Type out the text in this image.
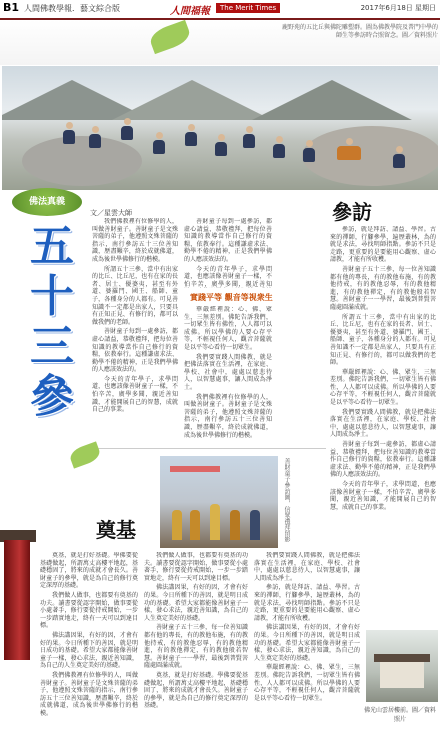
B1 人間佛教學報．藝文綜合版	人間福報	The Merit Times	2017年6月18日 星期日
鹿野苑的五比丘與佛陀雕塑群。圖為佛教學院及普門中學的師生等參訪時合照留念。圖／資料照片
佛法真義
五十三參
文／星雲大師

我們佛教裡有位修學的人，叫做善財童子。善財童子是文殊菩薩的弟子，他遵照文殊菩薩的指示，南行參訪五十三位善知識，歷盡艱辛，終於成就佛道，成為後世學佛修行的楷模。

所謂五十三參，當中有出家的比丘、比丘尼，也有在家的長者、居士、優婆夷，甚至有外道、婆羅門、國王、船師、童子，各種身分的人都有。可見善知識不一定都是出家人，只要具有正知正見、有修行的，都可以做我們的老師。

善財童子每到一處參訪，都虛心請益，恭敬禮拜，把每位善知識的教導當作自己修行的資糧，依教奉行。這種謙虛求法、勤學不倦的精神，正是我們學佛的人應該效法的。

今天的青年學子，求學問道，也應該像善財童子一樣，不怕辛苦，廣學多聞，親近善知識，才能開展自己的智慧，成就自己的事業。

善財童子每到一處參訪，都虛心請益，恭敬禮拜，把每位善知識的教導當作自己修行的資糧，依教奉行。這種謙虛求法、勤學不倦的精神，正是我們學佛的人應該效法的。

今天的青年學子，求學問道，也應該像善財童子一樣，不怕辛苦，廣學多聞，親近善知

實踐平等 觀音等視衆生

華嚴經裡說：心、佛、眾生，三無差別。佛陀告訴我們，一切眾生皆有佛性，人人都可以成佛。所以學佛的人要心存平等，不輕視任何人，觀音菩薩就是以平等心看待一切眾生。

我們要實踐人間佛教，就是把佛法落實在生活裡，在家庭、學校、社會中，處處以慈悲待人，以智慧處事，讓人間成為淨土。

我們佛教裡有位修學的人，叫做善財童子。善財童子是文殊菩薩的弟子，他遵照文殊菩薩的指示，南行參訪五十三位善知識，歷盡艱辛，終於成就佛道，成為後世學佛修行的楷模。

參訪

參訪，就是拜訪、請益、學習。古來的禪師，行腳參學，遍歷叢林，為的就是求法，尋找明師指點。參訪不只是走路，更重要的是要能用心觀察、虛心請教，才能有所收穫。

善財童子五十三參，每一位善知識都有他的專長，有的教他布施，有的教他持戒，有的教他忍辱，有的教他精進，有的教他禪定，有的教他般若智慧。善財童子一一學習，最後到普賢菩薩處圓滿成就。

所謂五十三參，當中有出家的比丘、比丘尼，也有在家的長者、居士、優婆夷，甚至有外道、婆羅門、國王、船師、童子，各種身分的人都有。可見善知識不一定都是出家人，只要具有正知正見、有修行的，都可以做我們的老師。

華嚴經裡說：心、佛、眾生，三無差別。佛陀告訴我們，一切眾生皆有佛性，人人都可以成佛。所以學佛的人要心存平等，不輕視任何人，觀音菩薩就是以平等心看待一切眾生。

我們要實踐人間佛教，就是把佛法落實在生活裡，在家庭、學校、社會中，處處以慈悲待人，以智慧處事，讓人間成為淨土。

善財童子每到一處參訪，都虛心請益，恭敬禮拜，把每位善知識的教導當作自己修行的資糧，依教奉行。這種謙虛求法、勤學不倦的精神，正是我們學佛的人應該效法的。

今天的青年學子，求學問道，也應該像善財童子一樣，不怕辛苦，廣學多聞，親近善知識，才能開展自己的智慧，成就自己的事業。

奠基	善財童子參訪圖，信眾禮拜留影

奠基，就是打好基礎。學佛要從基礎做起，所謂萬丈高樓平地起，基礎穩固了，將來的成就才會長久。善財童子的參學，就是為自己的修行奠定深厚的基礎。

我們做人做事，也都要有奠基的功夫。讀書要從認字開始，做事要從小處著手，修行要從持戒開始，一步一步踏實地走，終有一天可以到達目標。

佛法講因果，有好的因，才會有好的果。今日所種下的善因，就是明日成功的基礎。希望大家都能像善財童子一樣，發心求法，親近善知識，為自己的人生奠定美好的基礎。

我們佛教裡有位修學的人，叫做善財童子。善財童子是文殊菩薩的弟子，他遵照文殊菩薩的指示，南行參訪五十三位善知識，歷盡艱辛，終於成就佛道，成為後世學佛修行的楷模。

我們做人做事，也都要有奠基的功夫。讀書要從認字開始，做事要從小處著手，修行要從持戒開始，一步一步踏實地走，終有一天可以到達目標。

佛法講因果，有好的因，才會有好的果。今日所種下的善因，就是明日成功的基礎。希望大家都能像善財童子一樣，發心求法，親近善知識，為自己的人生奠定美好的基礎。

善財童子五十三參，每一位善知識都有他的專長，有的教他布施，有的教他持戒，有的教他忍辱，有的教他精進，有的教他禪定，有的教他般若智慧。善財童子一一學習，最後到普賢菩薩處圓滿成就。

奠基，就是打好基礎。學佛要從基礎做起，所謂萬丈高樓平地起，基礎穩固了，將來的成就才會長久。善財童子的參學，就是為自己的修行奠定深厚的基礎。

我們要實踐人間佛教，就是把佛法落實在生活裡，在家庭、學校、社會中，處處以慈悲待人，以智慧處事，讓人間成為淨土。

參訪，就是拜訪、請益、學習。古來的禪師，行腳參學，遍歷叢林，為的就是求法，尋找明師指點。參訪不只是走路，更重要的是要能用心觀察、虛心請教，才能有所收穫。

佛法講因果，有好的因，才會有好的果。今日所種下的善因，就是明日成功的基礎。希望大家都能像善財童子一樣，發心求法，親近善知識，為自己的人生奠定美好的基礎。

華嚴經裡說：心、佛、眾生，三無差別。佛陀告訴我們，一切眾生皆有佛性，人人都可以成佛。所以學佛的人要心存平等，不輕視任何人，觀音菩薩就是以平等心看待一切眾生。

佛光山雲居樓前。圖／資料照片
